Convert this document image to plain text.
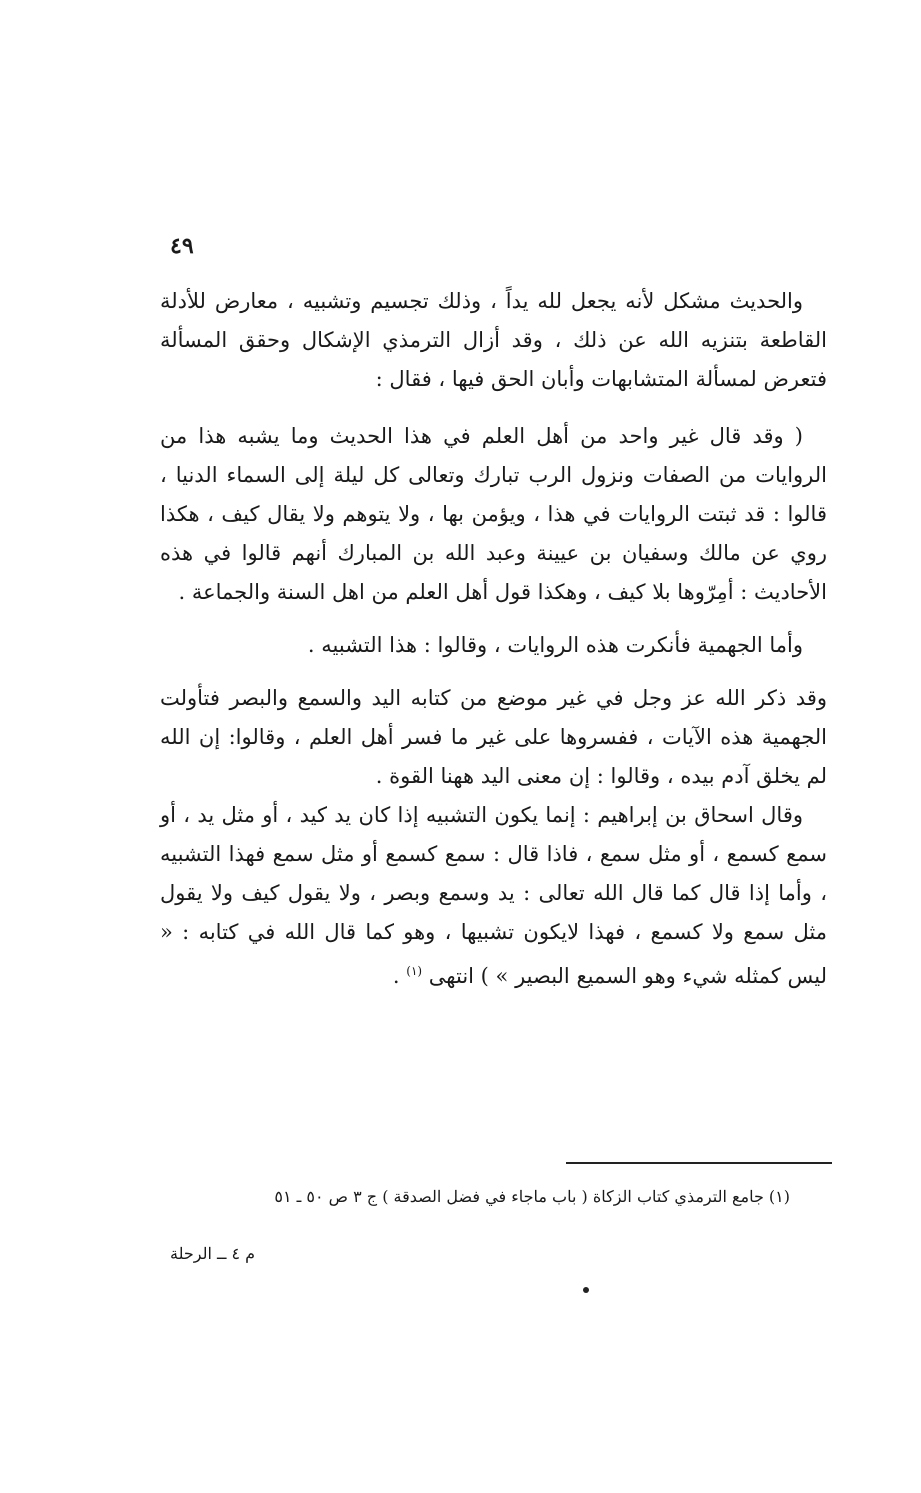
٤٩

والحديث مشكل لأنه يجعل لله يداً ، وذلك تجسيم وتشبيه ، معارض للأدلة القاطعة بتنزيه الله عن ذلك ، وقد أزال الترمذي الإشكال وحقق المسألة فتعرض لمسألة المتشابهات وأبان الحق فيها ، فقال :

( وقد قال غير واحد من أهل العلم في هذا الحديث وما يشبه هذا من الروايات من الصفات ونزول الرب تبارك وتعالى كل ليلة إلى السماء الدنيا ، قالوا : قد ثبتت الروايات في هذا ، ويؤمن بها ، ولا يتوهم ولا يقال كيف ، هكذا روي عن مالك وسفيان بن عيينة وعبد الله بن المبارك أنهم قالوا في هذه الأحاديث : أمِرّوها بلا كيف ، وهكذا قول أهل العلم من اهل السنة والجماعة .

وأما الجهمية فأنكرت هذه الروايات ، وقالوا : هذا التشبيه .

وقد ذكر الله عز وجل في غير موضع من كتابه اليد والسمع والبصر فتأولت الجهمية هذه الآيات ، ففسروها على غير ما فسر أهل العلم ، وقالوا: إن الله لم يخلق آدم بيده ، وقالوا : إن معنى اليد ههنا القوة .

وقال اسحاق بن إبراهيم : إنما يكون التشبيه إذا كان يد كيد ، أو مثل يد ، أو سمع كسمع ، أو مثل سمع ، فاذا قال : سمع كسمع أو مثل سمع فهذا التشبيه ، وأما إذا قال كما قال الله تعالى : يد وسمع وبصر ، ولا يقول كيف ولا يقول مثل سمع ولا كسمع ، فهذا لايكون تشبيها ، وهو كما قال الله في كتابه : « ليس كمثله شيء وهو السميع البصير » ) انتهى $^{(١)}$ .

(١) جامع الترمذي كتاب الزكاة ( باب ماجاء في فضل الصدقة ) ج ٣ ص ٥٠ ـ ٥١
م ٤ ــ الرحلة
